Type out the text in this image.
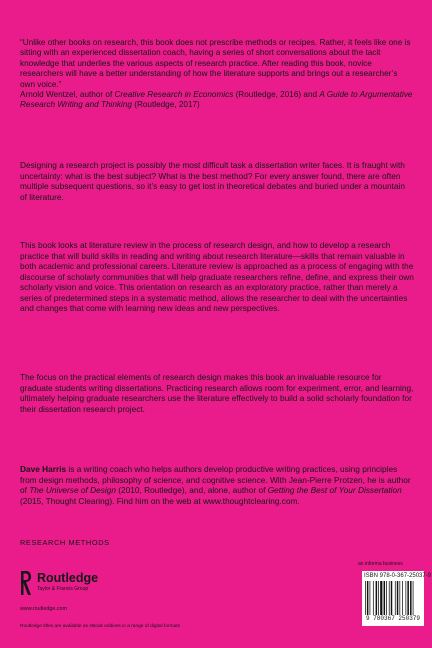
“Unlike other books on research, this book does not prescribe methods or recipes. Rather, it feels like one is sitting with an experienced dissertation coach, having a series of short conversations about the tacit knowledge that underlies the various aspects of research practice. After reading this book, novice researchers will have a better understanding of how the literature supports and brings out a researcher’s own voice.”

Arnold Wentzel, author of Creative Research in Economics (Routledge, 2016) and A Guide to Argumentative Research Writing and Thinking (Routledge, 2017)

Designing a research project is possibly the most difficult task a dissertation writer faces. It is fraught with uncertainty: what is the best subject? What is the best method? For every answer found, there are often multiple subsequent questions, so it’s easy to get lost in theoretical debates and buried under a mountain of literature.

This book looks at literature review in the process of research design, and how to develop a research practice that will build skills in reading and writing about research literature—skills that remain valuable in both academic and professional careers. Literature review is approached as a process of engaging with the discourse of scholarly communities that will help graduate researchers refine, define, and express their own scholarly vision and voice. This orientation on research as an exploratory practice, rather than merely a series of predetermined steps in a systematic method, allows the researcher to deal with the uncertainties and changes that come with learning new ideas and new perspectives.

The focus on the practical elements of research design makes this book an invaluable resource for graduate students writing dissertations. Practicing research allows room for experiment, error, and learning, ultimately helping graduate researchers use the literature effectively to build a solid scholarly foundation for their dissertation research project.

Dave Harris is a writing coach who helps authors develop productive writing practices, using principles from design methods, philosophy of science, and cognitive science. With Jean-Pierre Protzen, he is author of The Universe of Design (2010, Routledge), and, alone, author of Getting the Best of Your Dissertation (2015, Thought Clearing). Find him on the web at www.thoughtclearing.com.

RESEARCH METHODS
Routledge
Taylor & Francis Group
www.routledge.com
Routledge titles are available as eBook editions in a range of digital formats
an informa business
ISBN 978-0-367-25037-9
9 780367 250379
